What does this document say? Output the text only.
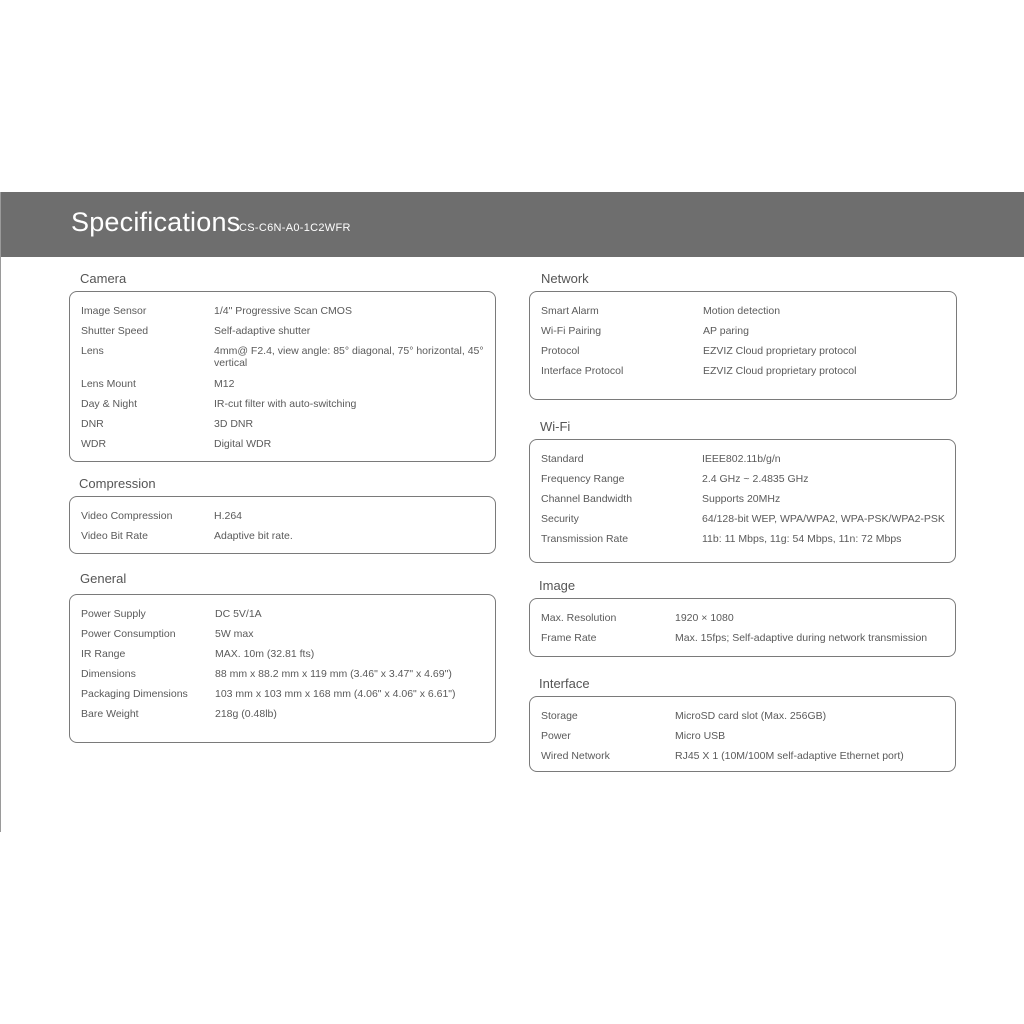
Specifications
CS-C6N-A0-1C2WFR
Camera
Image Sensor	1/4" Progressive Scan CMOS
Shutter Speed	Self-adaptive shutter
Lens	4mm@ F2.4, view angle: 85° diagonal, 75° horizontal, 45° vertical
Lens Mount	M12
Day & Night	IR-cut filter with auto-switching
DNR	3D DNR
WDR	Digital WDR
Compression
Video Compression	H.264
Video Bit Rate	Adaptive bit rate.
General
Power Supply	DC 5V/1A
Power Consumption	5W max
IR Range	MAX. 10m (32.81 fts)
Dimensions	88 mm x 88.2 mm x 119 mm (3.46" x 3.47" x 4.69")
Packaging Dimensions	103 mm x 103 mm x 168 mm (4.06" x 4.06" x 6.61")
Bare Weight	218g (0.48lb)
Network
Smart Alarm	Motion detection
Wi-Fi Pairing	AP paring
Protocol	EZVIZ Cloud proprietary protocol
Interface Protocol	EZVIZ Cloud proprietary protocol
Wi-Fi
Standard	IEEE802.11b/g/n
Frequency Range	2.4 GHz ~ 2.4835 GHz
Channel Bandwidth	Supports 20MHz
Security	64/128-bit WEP, WPA/WPA2, WPA-PSK/WPA2-PSK
Transmission Rate	11b: 11 Mbps, 11g: 54 Mbps, 11n: 72 Mbps
Image
Max. Resolution	1920 × 1080
Frame Rate	Max. 15fps; Self-adaptive during network transmission
Interface
Storage	MicroSD card slot (Max. 256GB)
Power	Micro USB
Wired Network	RJ45 X 1 (10M/100M self-adaptive Ethernet port)
